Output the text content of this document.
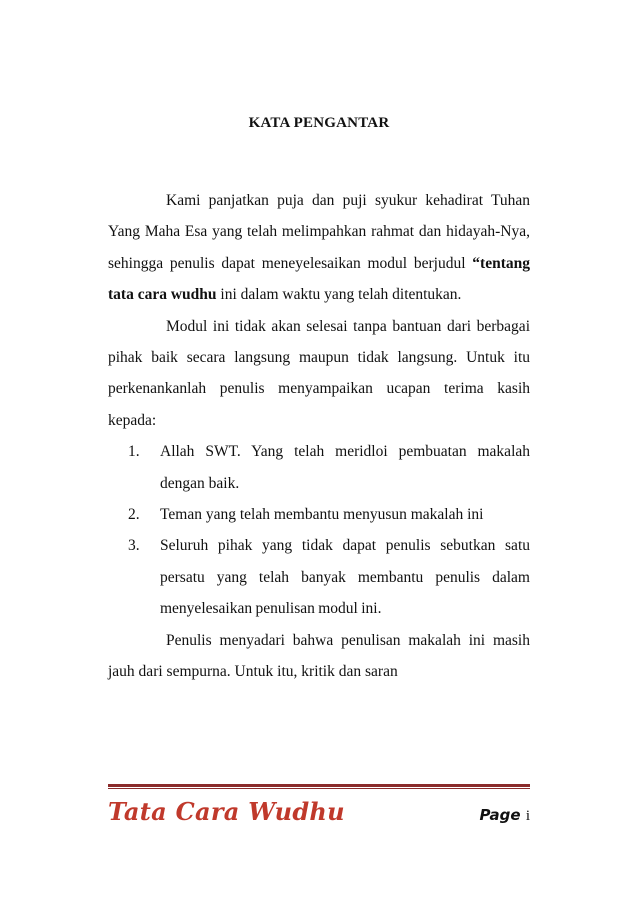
KATA PENGANTAR

Kami panjatkan puja dan puji syukur kehadirat Tuhan Yang Maha Esa yang telah melimpahkan rahmat dan hidayah-Nya, sehingga penulis dapat meneyelesaikan modul berjudul “tentang tata cara wudhu ini dalam waktu yang telah ditentukan.

Modul ini tidak akan selesai tanpa bantuan dari berbagai pihak baik secara langsung maupun tidak langsung. Untuk itu perkenankanlah penulis menyampaikan ucapan terima kasih kepada:

1. Allah SWT. Yang telah meridloi pembuatan makalah dengan baik.
2. Teman yang telah membantu menyusun makalah ini
3. Seluruh pihak yang tidak dapat penulis sebutkan satu persatu yang telah banyak membantu penulis dalam menyelesaikan penulisan modul ini.

Penulis menyadari bahwa penulisan makalah ini masih jauh dari sempurna. Untuk itu, kritik dan saran

Tata Cara Wudhu	Page i
